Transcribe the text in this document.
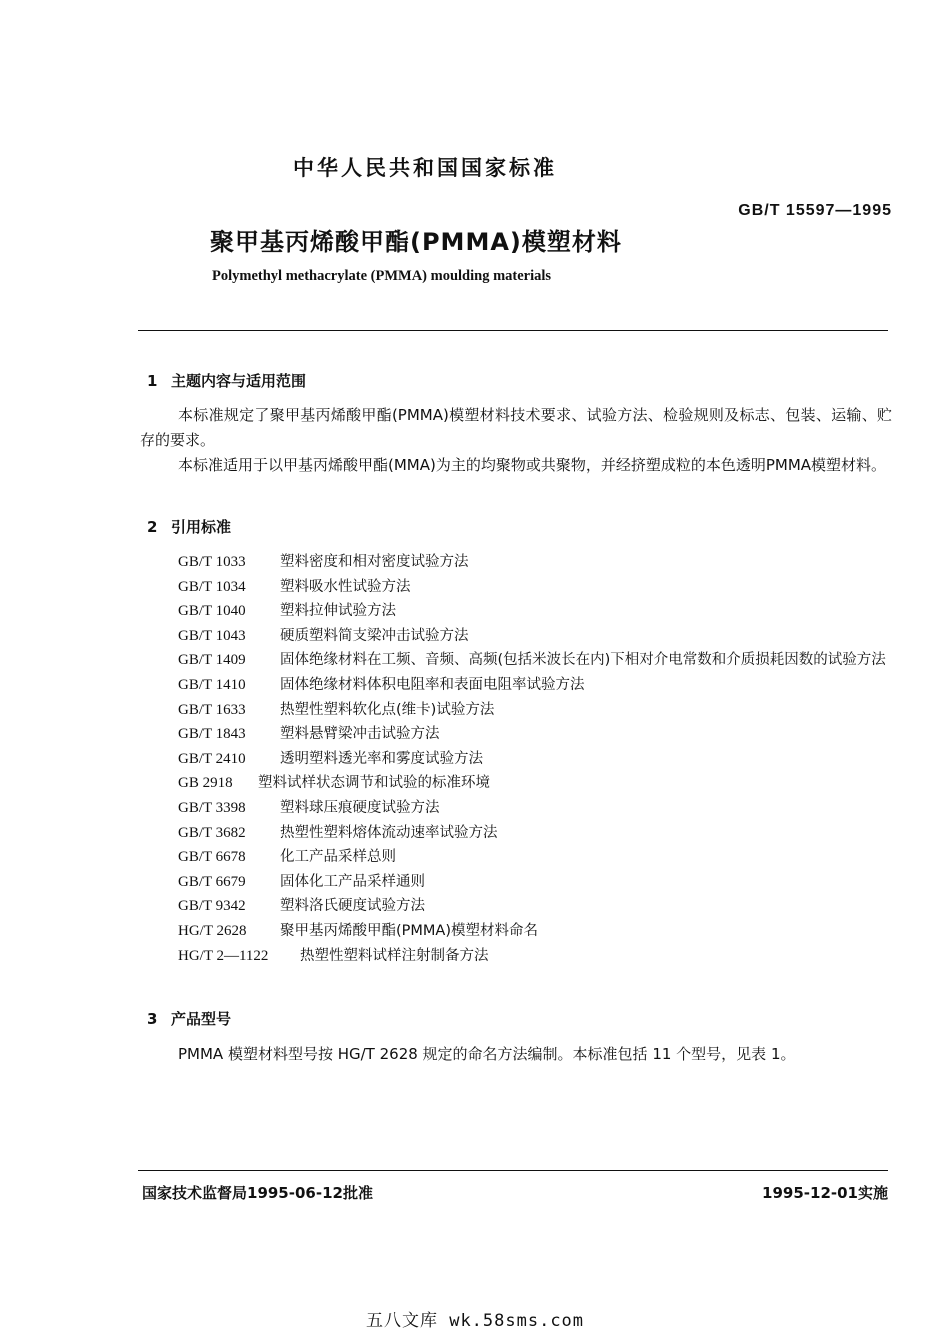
中华人民共和国国家标准
GB/T 15597—1995
聚甲基丙烯酸甲酯(PMMA)模塑材料
Polymethyl methacrylate (PMMA) moulding materials
1 主题内容与适用范围
本标准规定了聚甲基丙烯酸甲酯(PMMA)模塑材料技术要求、试验方法、检验规则及标志、包装、运输、贮存的要求。
本标准适用于以甲基丙烯酸甲酯(MMA)为主的均聚物或共聚物，并经挤塑成粒的本色透明PMMA模塑材料。
2 引用标准
GB/T 1033	塑料密度和相对密度试验方法
GB/T 1034	塑料吸水性试验方法
GB/T 1040	塑料拉伸试验方法
GB/T 1043	硬质塑料简支梁冲击试验方法
GB/T 1409	固体绝缘材料在工频、音频、高频(包括米波长在内)下相对介电常数和介质损耗因数的试验方法
GB/T 1410	固体绝缘材料体积电阻率和表面电阻率试验方法
GB/T 1633	热塑性塑料软化点(维卡)试验方法
GB/T 1843	塑料悬臂梁冲击试验方法
GB/T 2410	透明塑料透光率和雾度试验方法
GB 2918	塑料试样状态调节和试验的标准环境
GB/T 3398	塑料球压痕硬度试验方法
GB/T 3682	热塑性塑料熔体流动速率试验方法
GB/T 6678	化工产品采样总则
GB/T 6679	固体化工产品采样通则
GB/T 9342	塑料洛氏硬度试验方法
HG/T 2628	聚甲基丙烯酸甲酯(PMMA)模塑材料命名
HG/T 2—1122	热塑性塑料试样注射制备方法
3 产品型号
PMMA 模塑材料型号按 HG/T 2628 规定的命名方法编制。本标准包括 11 个型号，见表 1。
国家技术监督局1995-06-12批准	1995-12-01实施
五八文库 wk.58sms.com
